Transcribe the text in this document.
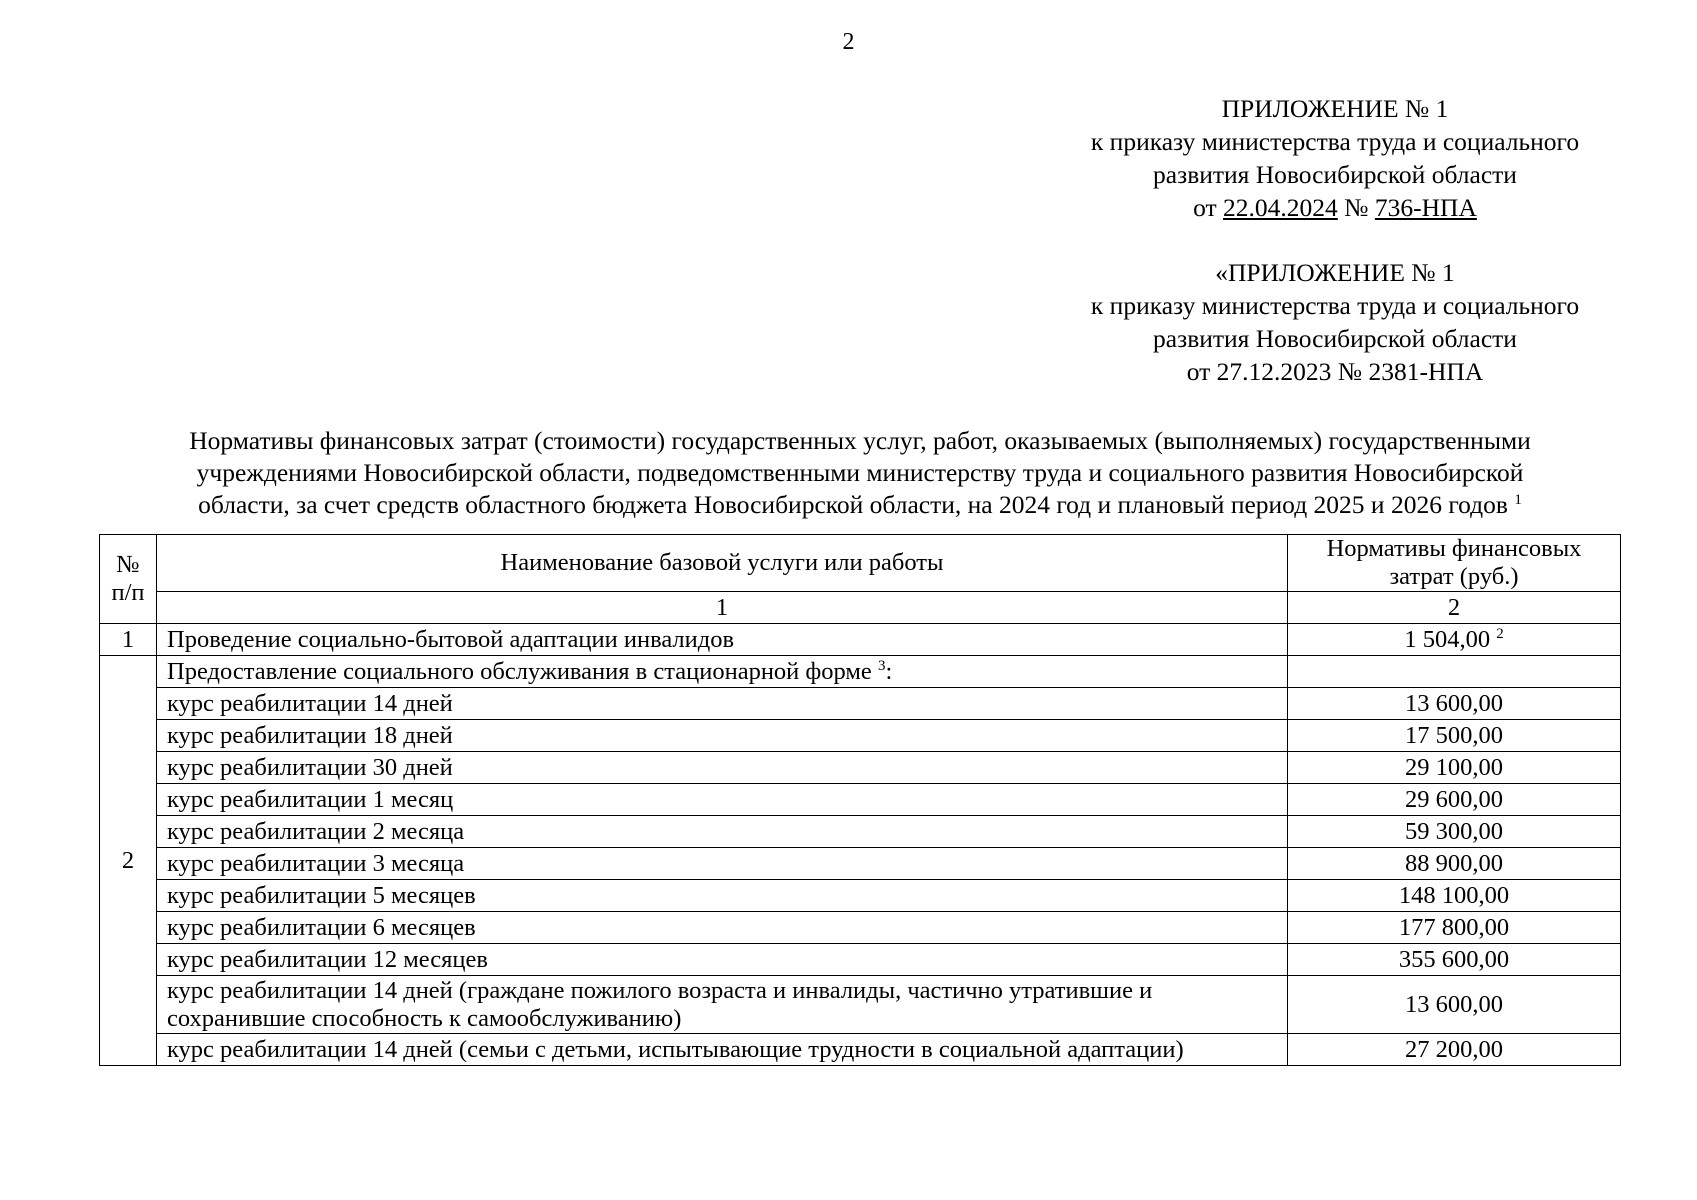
2
ПРИЛОЖЕНИЕ № 1
к приказу министерства труда и социального
развития Новосибирской области
от 22.04.2024 № 736-НПА
«ПРИЛОЖЕНИЕ № 1
к приказу министерства труда и социального
развития Новосибирской области
от 27.12.2023 № 2381-НПА
Нормативы финансовых затрат (стоимости) государственных услуг, работ, оказываемых (выполняемых) государственными
учреждениями Новосибирской области, подведомственными министерству труда и социального развития Новосибирской
области, за счет средств областного бюджета Новосибирской области, на 2024 год и плановый период 2025 и 2026 годов $^1$
№ п/п	Наименование базовой услуги или работы	Нормативы финансовых затрат (руб.)
	1	2
1	Проведение социально-бытовой адаптации инвалидов	1 504,00 $^2$
2	Предоставление социального обслуживания в стационарной форме $^3$:	
	курс реабилитации 14 дней	13 600,00
	курс реабилитации 18 дней	17 500,00
	курс реабилитации 30 дней	29 100,00
	курс реабилитации 1 месяц	29 600,00
	курс реабилитации 2 месяца	59 300,00
	курс реабилитации 3 месяца	88 900,00
	курс реабилитации 5 месяцев	148 100,00
	курс реабилитации 6 месяцев	177 800,00
	курс реабилитации 12 месяцев	355 600,00
	курс реабилитации 14 дней (граждане пожилого возраста и инвалиды, частично утратившие и сохранившие способность к самообслуживанию)	13 600,00
	курс реабилитации 14 дней (семьи с детьми, испытывающие трудности в социальной адаптации)	27 200,00
